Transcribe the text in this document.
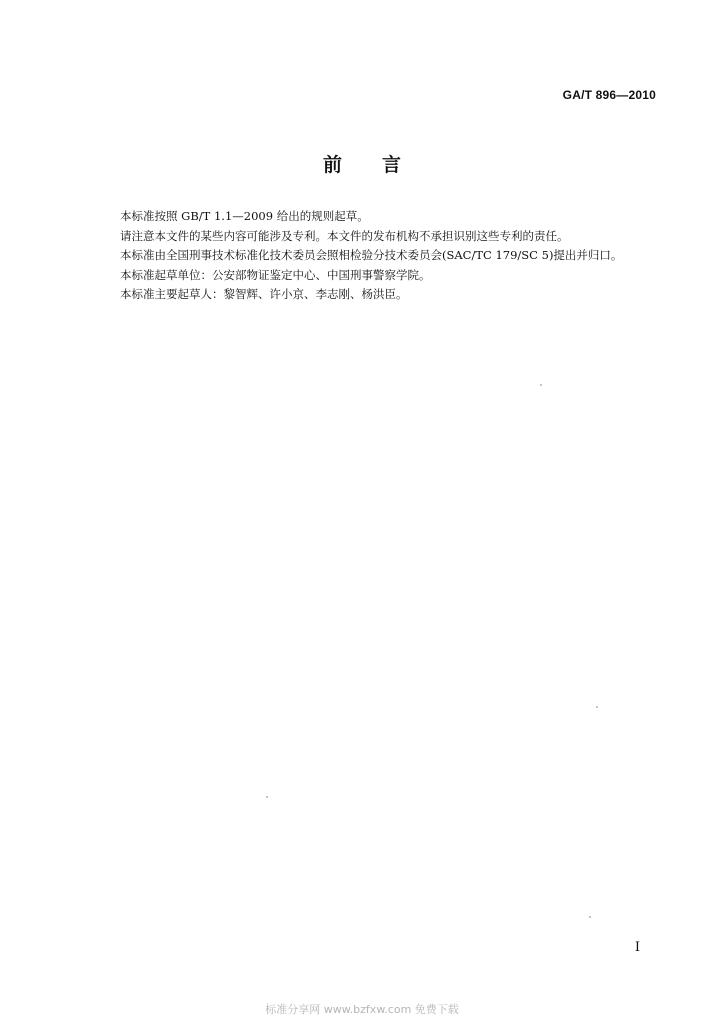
GA/T 896—2010
前 言

本标准按照 GB/T 1.1—2009 给出的规则起草。

请注意本文件的某些内容可能涉及专利。本文件的发布机构不承担识别这些专利的责任。

本标准由全国刑事技术标准化技术委员会照相检验分技术委员会(SAC/TC 179/SC 5)提出并归口。

本标准起草单位：公安部物证鉴定中心、中国刑事警察学院。

本标准主要起草人：黎智辉、许小京、李志刚、杨洪臣。

I
标准分享网 www.bzfxw.com 免费下载
